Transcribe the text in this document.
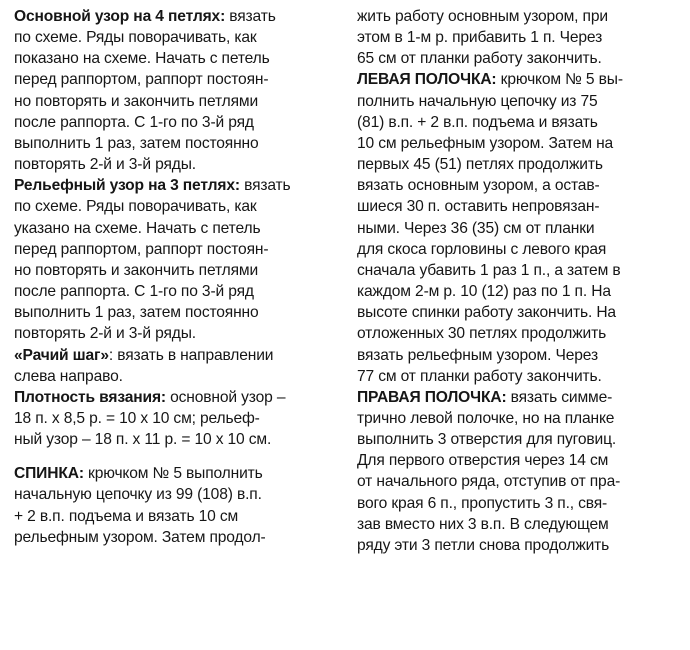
Основной узор на 4 петлях: вязать
по схеме. Ряды поворачивать, как
показано на схеме. Начать с петель
перед раппортом, раппорт постоян-
но повторять и закончить петлями
после раппорта. С 1-го по 3-й ряд
выполнить 1 раз, затем постоянно
повторять 2-й и 3-й ряды.
Рельефный узор на 3 петлях: вязать
по схеме. Ряды поворачивать, как
указано на схеме. Начать с петель
перед раппортом, раппорт постоян-
но повторять и закончить петлями
после раппорта. С 1-го по 3-й ряд
выполнить 1 раз, затем постоянно
повторять 2-й и 3-й ряды.
«Рачий шаг»: вязать в направлении
слева направо.
Плотность вязания: основной узор –
18 п. х 8,5 р. = 10 х 10 см; рельеф-
ный узор – 18 п. х 11 р. = 10 х 10 см.
СПИНКА: крючком № 5 выполнить
начальную цепочку из 99 (108) в.п.
+ 2 в.п. подъема и вязать 10 см
рельефным узором. Затем продол-
жить работу основным узором, при
этом в 1-м р. прибавить 1 п. Через
65 см от планки работу закончить.
ЛЕВАЯ ПОЛОЧКА: крючком № 5 вы-
полнить начальную цепочку из 75
(81) в.п. + 2 в.п. подъема и вязать
10 см рельефным узором. Затем на
первых 45 (51) петлях продолжить
вязать основным узором, а остав-
шиеся 30 п. оставить непровязан-
ными. Через 36 (35) см от планки
для скоса горловины с левого края
сначала убавить 1 раз 1 п., а затем в
каждом 2-м р. 10 (12) раз по 1 п. На
высоте спинки работу закончить. На
отложенных 30 петлях продолжить
вязать рельефным узором. Через
77 см от планки работу закончить.
ПРАВАЯ ПОЛОЧКА: вязать симме-
трично левой полочке, но на планке
выполнить 3 отверстия для пуговиц.
Для первого отверстия через 14 см
от начального ряда, отступив от пра-
вого края 6 п., пропустить 3 п., свя-
зав вместо них 3 в.п. В следующем
ряду эти 3 петли снова продолжить
